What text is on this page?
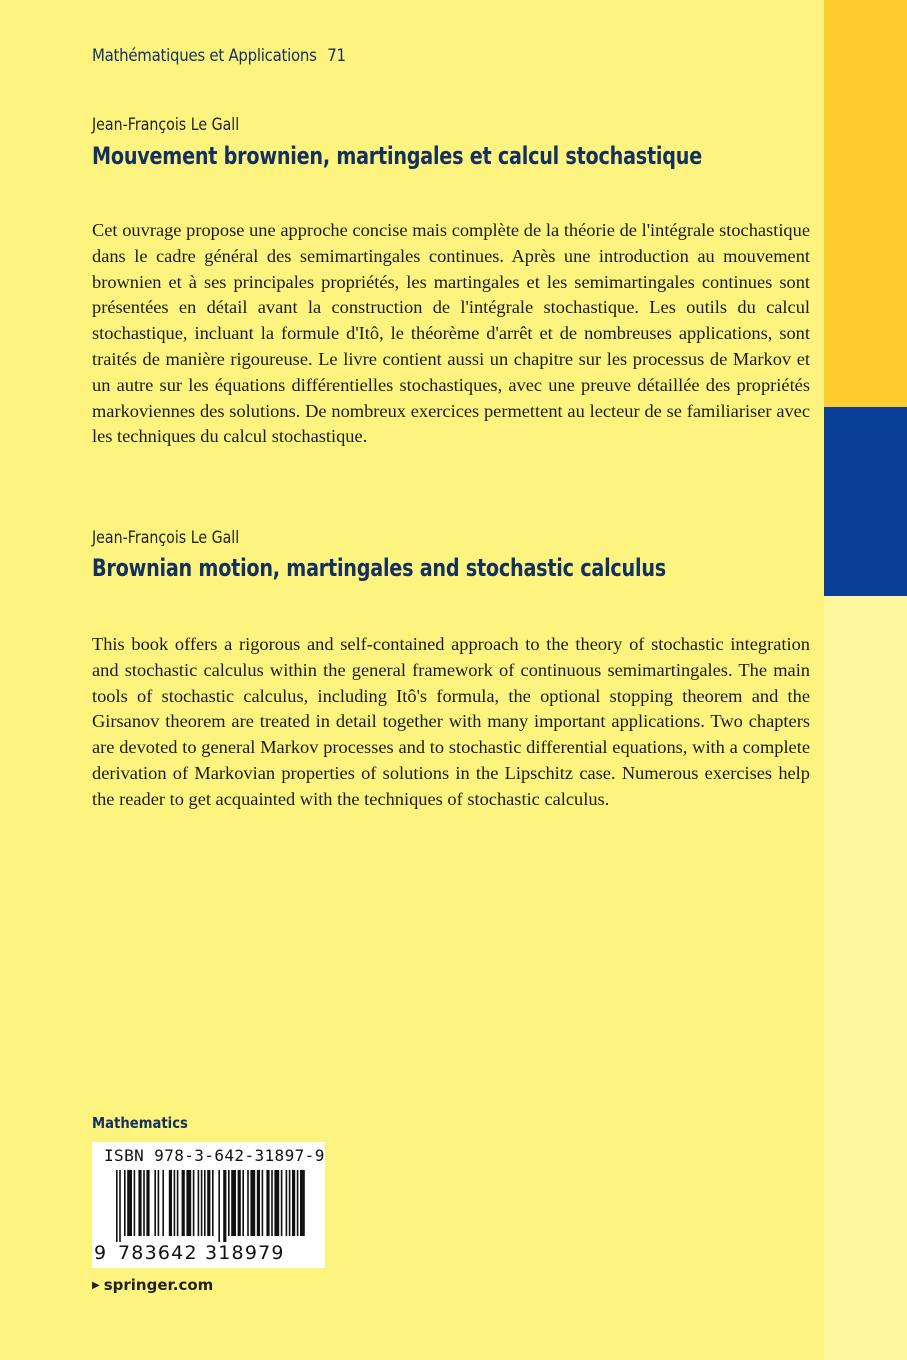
Mathématiques et Applications 71
Jean-François Le Gall
Mouvement brownien, martingales et calcul stochastique
Cet ouvrage propose une approche concise mais complète de la théorie de l'intégrale stochastique dans le cadre général des semimartingales continues. Après une introduction au mouvement brownien et à ses principales propriétés, les martingales et les semimartingales continues sont présentées en détail avant la construction de l'intégrale stochastique. Les outils du calcul stochastique, incluant la formule d'Itô, le théorème d'arrêt et de nombreuses applications, sont traités de manière rigoureuse. Le livre contient aussi un chapitre sur les processus de Markov et un autre sur les équations différentielles stochastiques, avec une preuve détaillée des propriétés markoviennes des solutions. De nombreux exercices permettent au lecteur de se familiariser avec les techniques du calcul stochastique.
Jean-François Le Gall
Brownian motion, martingales and stochastic calculus
This book offers a rigorous and self-contained approach to the theory of stochastic integration and stochastic calculus within the general framework of continuous semimartingales. The main tools of stochastic calculus, including Itô's formula, the optional stopping theorem and the Girsanov theorem are treated in detail together with many important applications. Two chapters are devoted to general Markov processes and to stochastic differential equations, with a complete derivation of Markovian properties of solutions in the Lipschitz case. Numerous exercises help the reader to get acquainted with the techniques of stochastic calculus.
Mathematics
ISBN 978-3-642-31897-9
9 783642 318979
▶ springer.com
